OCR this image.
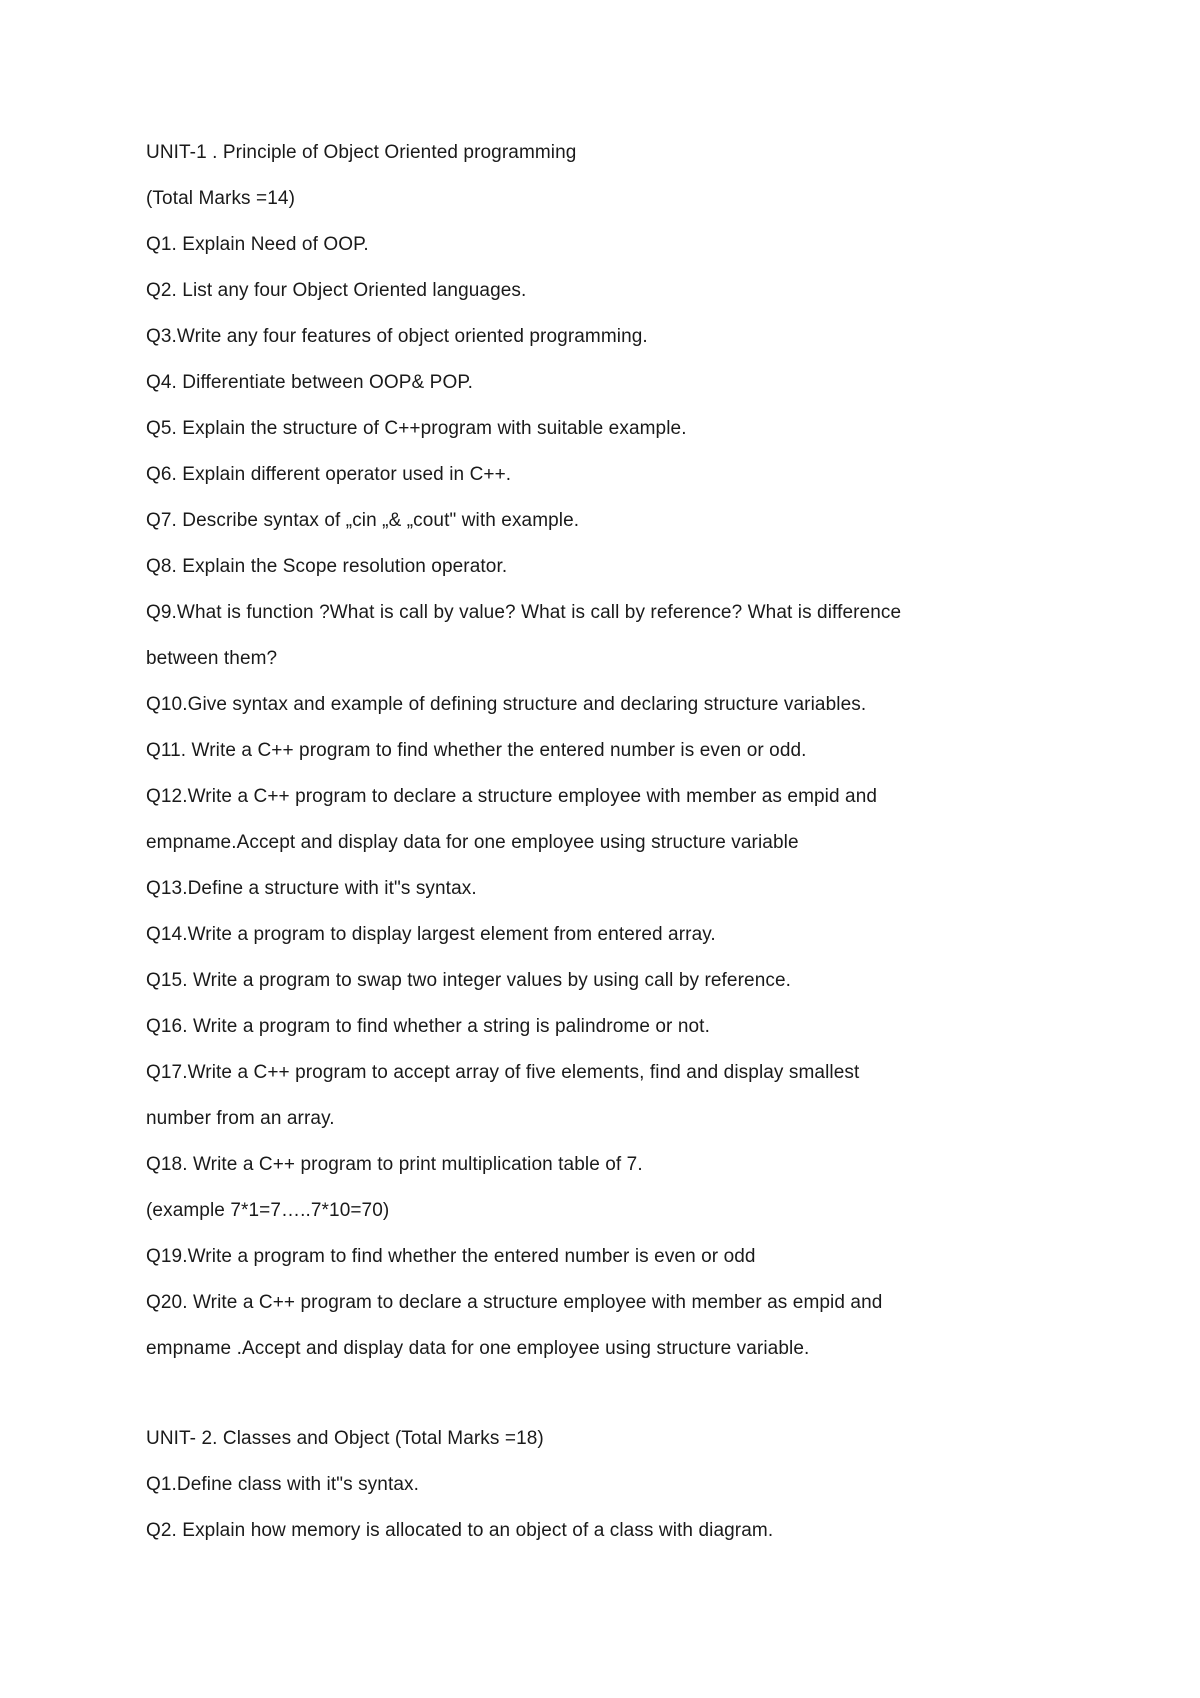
UNIT-1 . Principle of Object Oriented programming
(Total Marks =14)
Q1. Explain Need of OOP.
Q2. List any four Object Oriented languages.
Q3.Write any four features of object oriented programming.
Q4. Differentiate between OOP& POP.
Q5. Explain the structure of C++program with suitable example.
Q6. Explain different operator used in C++.
Q7. Describe syntax of „cin „& „cout" with example.
Q8. Explain the Scope resolution operator.
Q9.What is function ?What is call by value? What is call by reference? What is difference
between them?
Q10.Give syntax and example of defining structure and declaring structure variables.
Q11. Write a C++ program to find whether the entered number is even or odd.
Q12.Write a C++ program to declare a structure employee with member as empid and
empname.Accept and display data for one employee using structure variable
Q13.Define a structure with it"s syntax.
Q14.Write a program to display largest element from entered array.
Q15. Write a program to swap two integer values by using call by reference.
Q16. Write a program to find whether a string is palindrome or not.
Q17.Write a C++ program to accept array of five elements, find and display smallest
number from an array.
Q18. Write a C++ program to print multiplication table of 7.
(example 7*1=7…..7*10=70)
Q19.Write a program to find whether the entered number is even or odd
Q20. Write a C++ program to declare a structure employee with member as empid and
empname .Accept and display data for one employee using structure variable.
UNIT- 2. Classes and Object (Total Marks =18)
Q1.Define class with it"s syntax.
Q2. Explain how memory is allocated to an object of a class with diagram.
